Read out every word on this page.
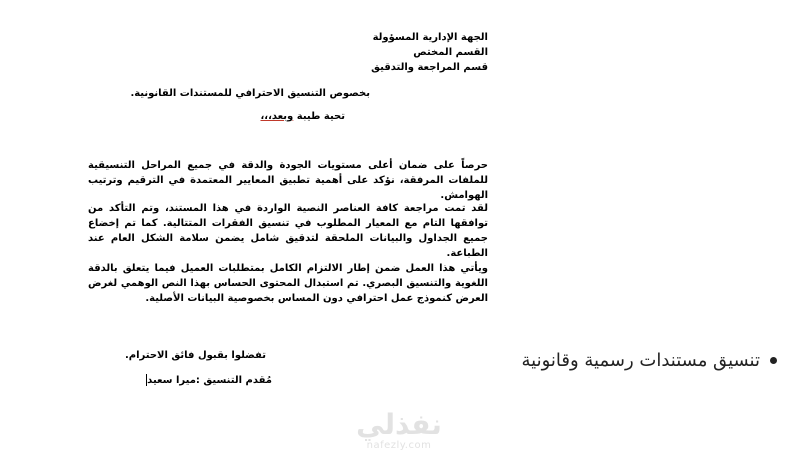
الجهة الإدارية المسؤولة
القسم المختص
قسم المراجعة والتدقيق
بخصوص التنسيق الاحترافي للمستندات القانونية.
تحية طيبة وبعد،،،

حرصاً على ضمان أعلى مستويات الجودة والدقة في جميع المراحل التنسيقية للملفات المرفقة، نؤكد على أهمية تطبيق المعايير المعتمدة في الترقيم وترتيب الهوامش.

لقد تمت مراجعة كافة العناصر النصية الواردة في هذا المستند، وتم التأكد من توافقها التام مع المعيار المطلوب في تنسيق الفقرات المتتالية. كما تم إخضاع جميع الجداول والبيانات الملحقة لتدقيق شامل يضمن سلامة الشكل العام عند الطباعة.

ويأتي هذا العمل ضمن إطار الالتزام الكامل بمتطلبات العميل فيما يتعلق بالدقة اللغوية والتنسيق البصري. تم استبدال المحتوى الحساس بهذا النص الوهمي لغرض العرض كنموذج عمل احترافي دون المساس بخصوصية البيانات الأصلية.

تفضلوا بقبول فائق الاحترام.
مُقدم التنسيق :ميرا سعيد
تنسيق مستندات رسمية وقانونية
نفذلي
nafezly.com
